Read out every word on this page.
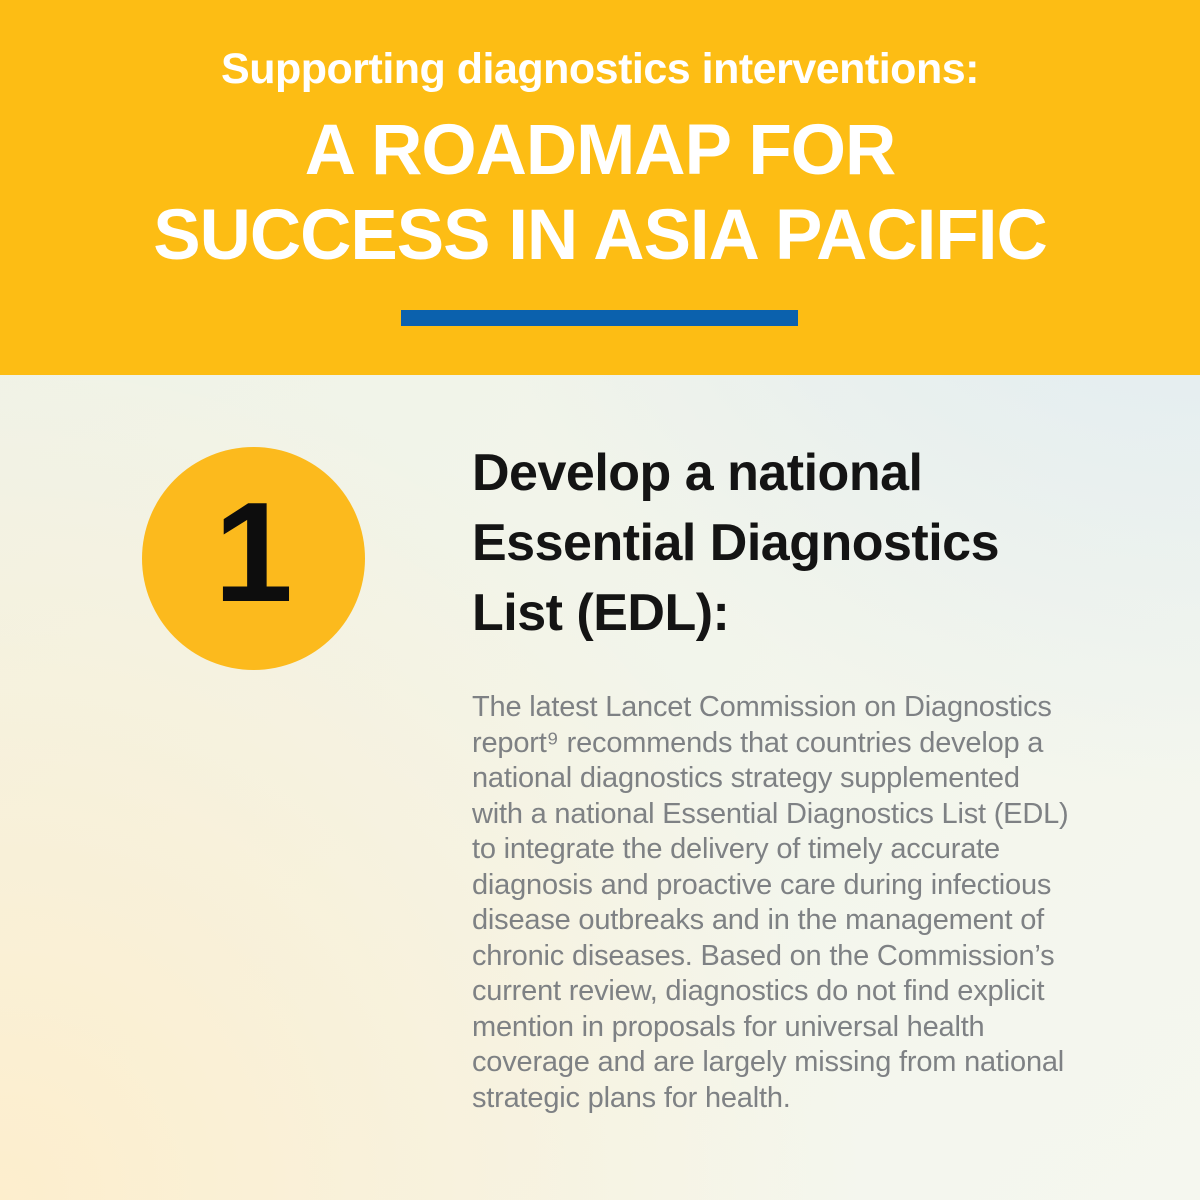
Supporting diagnostics interventions:
A ROADMAP FOR
SUCCESS IN ASIA PACIFIC
1	Develop a national
Essential Diagnostics
List (EDL):

The latest Lancet Commission on Diagnostics
report⁹ recommends that countries develop a
national diagnostics strategy supplemented
with a national Essential Diagnostics List (EDL)
to integrate the delivery of timely accurate
diagnosis and proactive care during infectious
disease outbreaks and in the management of
chronic diseases. Based on the Commission’s
current review, diagnostics do not find explicit
mention in proposals for universal health
coverage and are largely missing from national
strategic plans for health.
